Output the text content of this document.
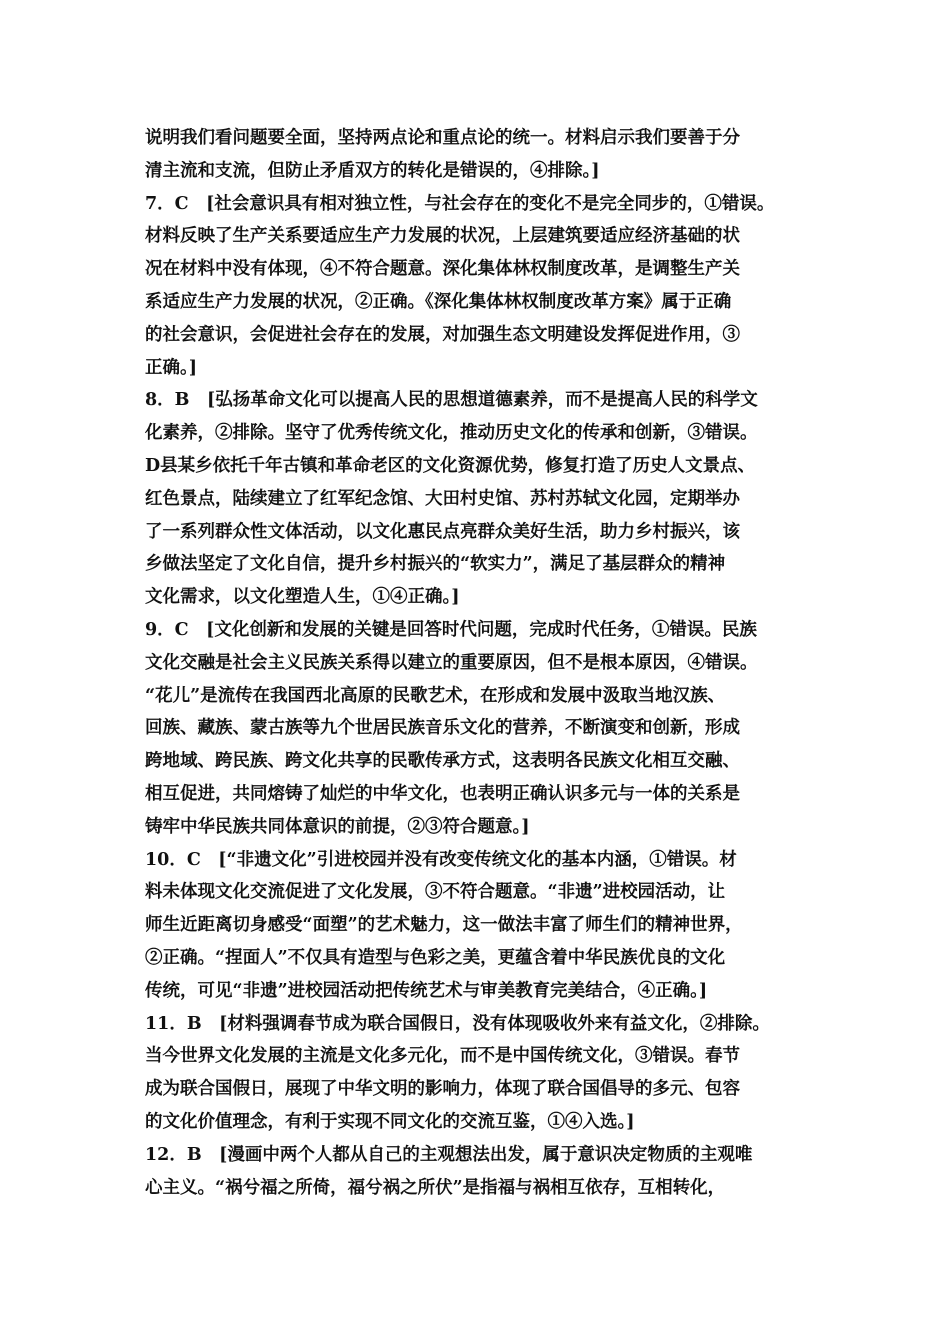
说明我们看问题要全面，坚持两点论和重点论的统一。材料启示我们要善于分
清主流和支流，但防止矛盾双方的转化是错误的，④排除。]
7．C　[社会意识具有相对独立性，与社会存在的变化不是完全同步的，①错误。
材料反映了生产关系要适应生产力发展的状况，上层建筑要适应经济基础的状
况在材料中没有体现，④不符合题意。深化集体林权制度改革，是调整生产关
系适应生产力发展的状况，②正确。《深化集体林权制度改革方案》属于正确
的社会意识，会促进社会存在的发展，对加强生态文明建设发挥促进作用，③
正确。]
8．B　[弘扬革命文化可以提高人民的思想道德素养，而不是提高人民的科学文
化素养，②排除。坚守了优秀传统文化，推动历史文化的传承和创新，③错误。
D县某乡依托千年古镇和革命老区的文化资源优势，修复打造了历史人文景点、
红色景点，陆续建立了红军纪念馆、大田村史馆、苏村苏轼文化园，定期举办
了一系列群众性文体活动，以文化惠民点亮群众美好生活，助力乡村振兴，该
乡做法坚定了文化自信，提升乡村振兴的“软实力”，满足了基层群众的精神
文化需求，以文化塑造人生，①④正确。]
9．C　[文化创新和发展的关键是回答时代问题，完成时代任务，①错误。民族
文化交融是社会主义民族关系得以建立的重要原因，但不是根本原因，④错误。
“花儿”是流传在我国西北高原的民歌艺术，在形成和发展中汲取当地汉族、
回族、藏族、蒙古族等九个世居民族音乐文化的营养，不断演变和创新，形成
跨地域、跨民族、跨文化共享的民歌传承方式，这表明各民族文化相互交融、
相互促进，共同熔铸了灿烂的中华文化，也表明正确认识多元与一体的关系是
铸牢中华民族共同体意识的前提，②③符合题意。]
10．C　[“非遗文化”引进校园并没有改变传统文化的基本内涵，①错误。材
料未体现文化交流促进了文化发展，③不符合题意。“非遗”进校园活动，让
师生近距离切身感受“面塑”的艺术魅力，这一做法丰富了师生们的精神世界，
②正确。“捏面人”不仅具有造型与色彩之美，更蕴含着中华民族优良的文化
传统，可见“非遗”进校园活动把传统艺术与审美教育完美结合，④正确。]
11．B　[材料强调春节成为联合国假日，没有体现吸收外来有益文化，②排除。
当今世界文化发展的主流是文化多元化，而不是中国传统文化，③错误。春节
成为联合国假日，展现了中华文明的影响力，体现了联合国倡导的多元、包容
的文化价值理念，有利于实现不同文化的交流互鉴，①④入选。]
12．B　[漫画中两个人都从自己的主观想法出发，属于意识决定物质的主观唯
心主义。“祸兮福之所倚，福兮祸之所伏”是指福与祸相互依存，互相转化，
